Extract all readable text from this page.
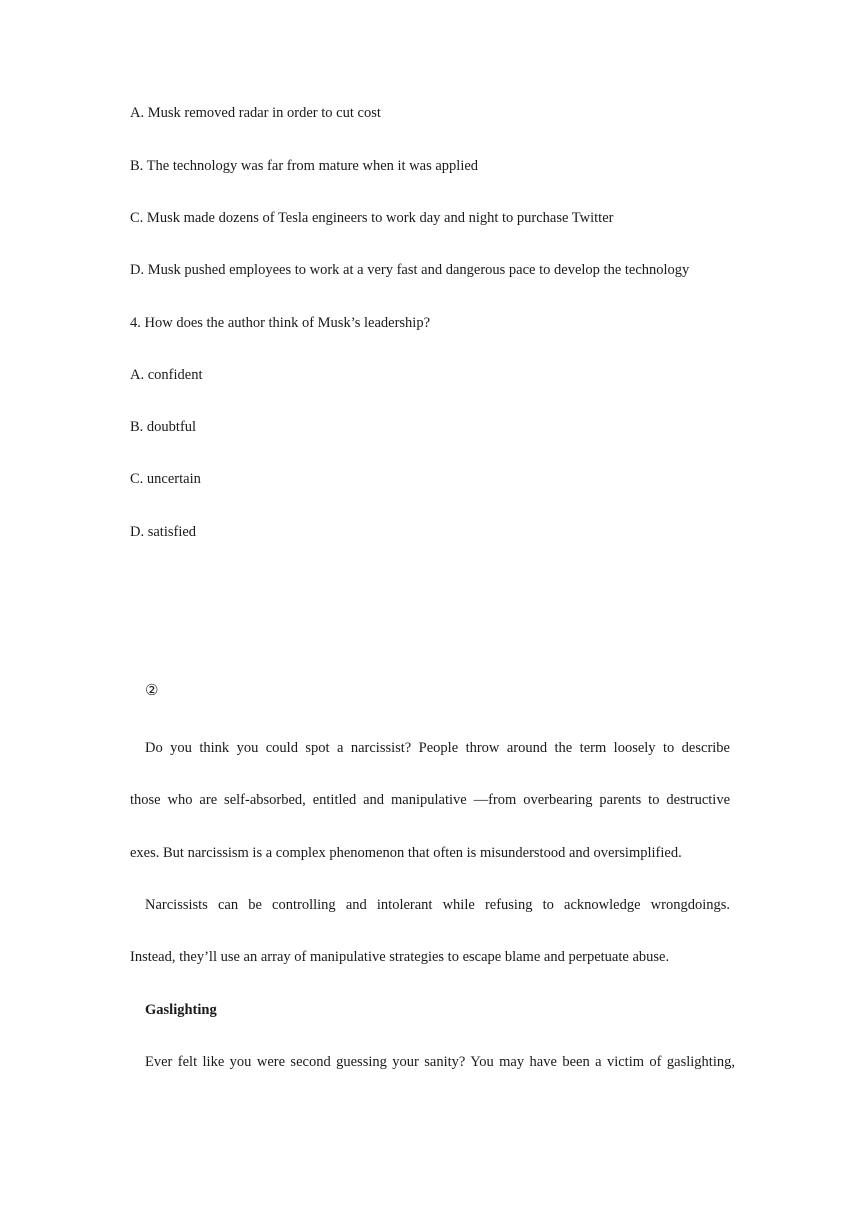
A. Musk removed radar in order to cut cost
B. The technology was far from mature when it was applied
C. Musk made dozens of Tesla engineers to work day and night to purchase Twitter
D. Musk pushed employees to work at a very fast and dangerous pace to develop the technology
4. How does the author think of Musk’s leadership?
A. confident
B. doubtful
C. uncertain
D. satisfied
②
Do you think you could spot a narcissist? People throw around the term loosely to describe
those who are self-absorbed, entitled and manipulative —from overbearing parents to destructive
exes. But narcissism is a complex phenomenon that often is misunderstood and oversimplified.
Narcissists can be controlling and intolerant while refusing to acknowledge wrongdoings.
Instead, they’ll use an array of manipulative strategies to escape blame and perpetuate abuse.
Gaslighting
Ever felt like you were second guessing your sanity? You may have been a victim of gaslighting,
